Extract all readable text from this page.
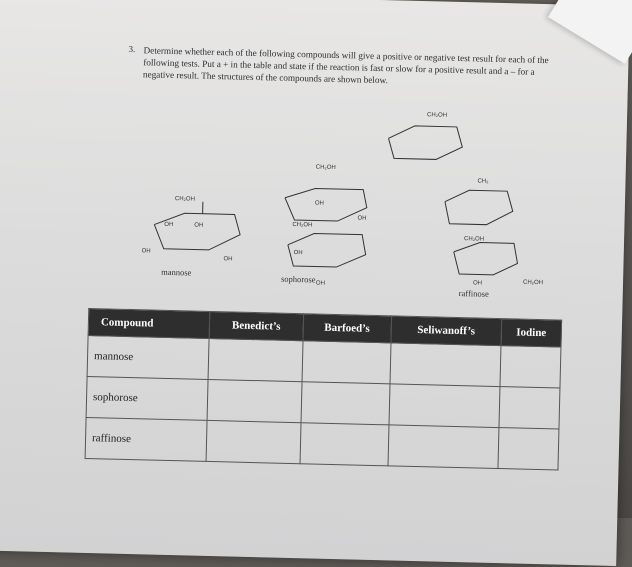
3. Determine whether each of the following compounds will give a positive or negative test result for each of the following tests. Put a + in the table and state if the reaction is fast or slow for a positive result and a – for a negative result. The structures of the compounds are shown below.
CH₂OH
OH
OH
OH
OH
CH₂OH
CH₂OH
OH
OH
OH
OH
CH₂OH
CH₂
CH₂OH
CH₂OH
OH
mannose
sophorose
raffinose
Compound	Benedict’s	Barfoed’s	Seliwanoff’s	Iodine
mannose				
sophorose				
raffinose				
